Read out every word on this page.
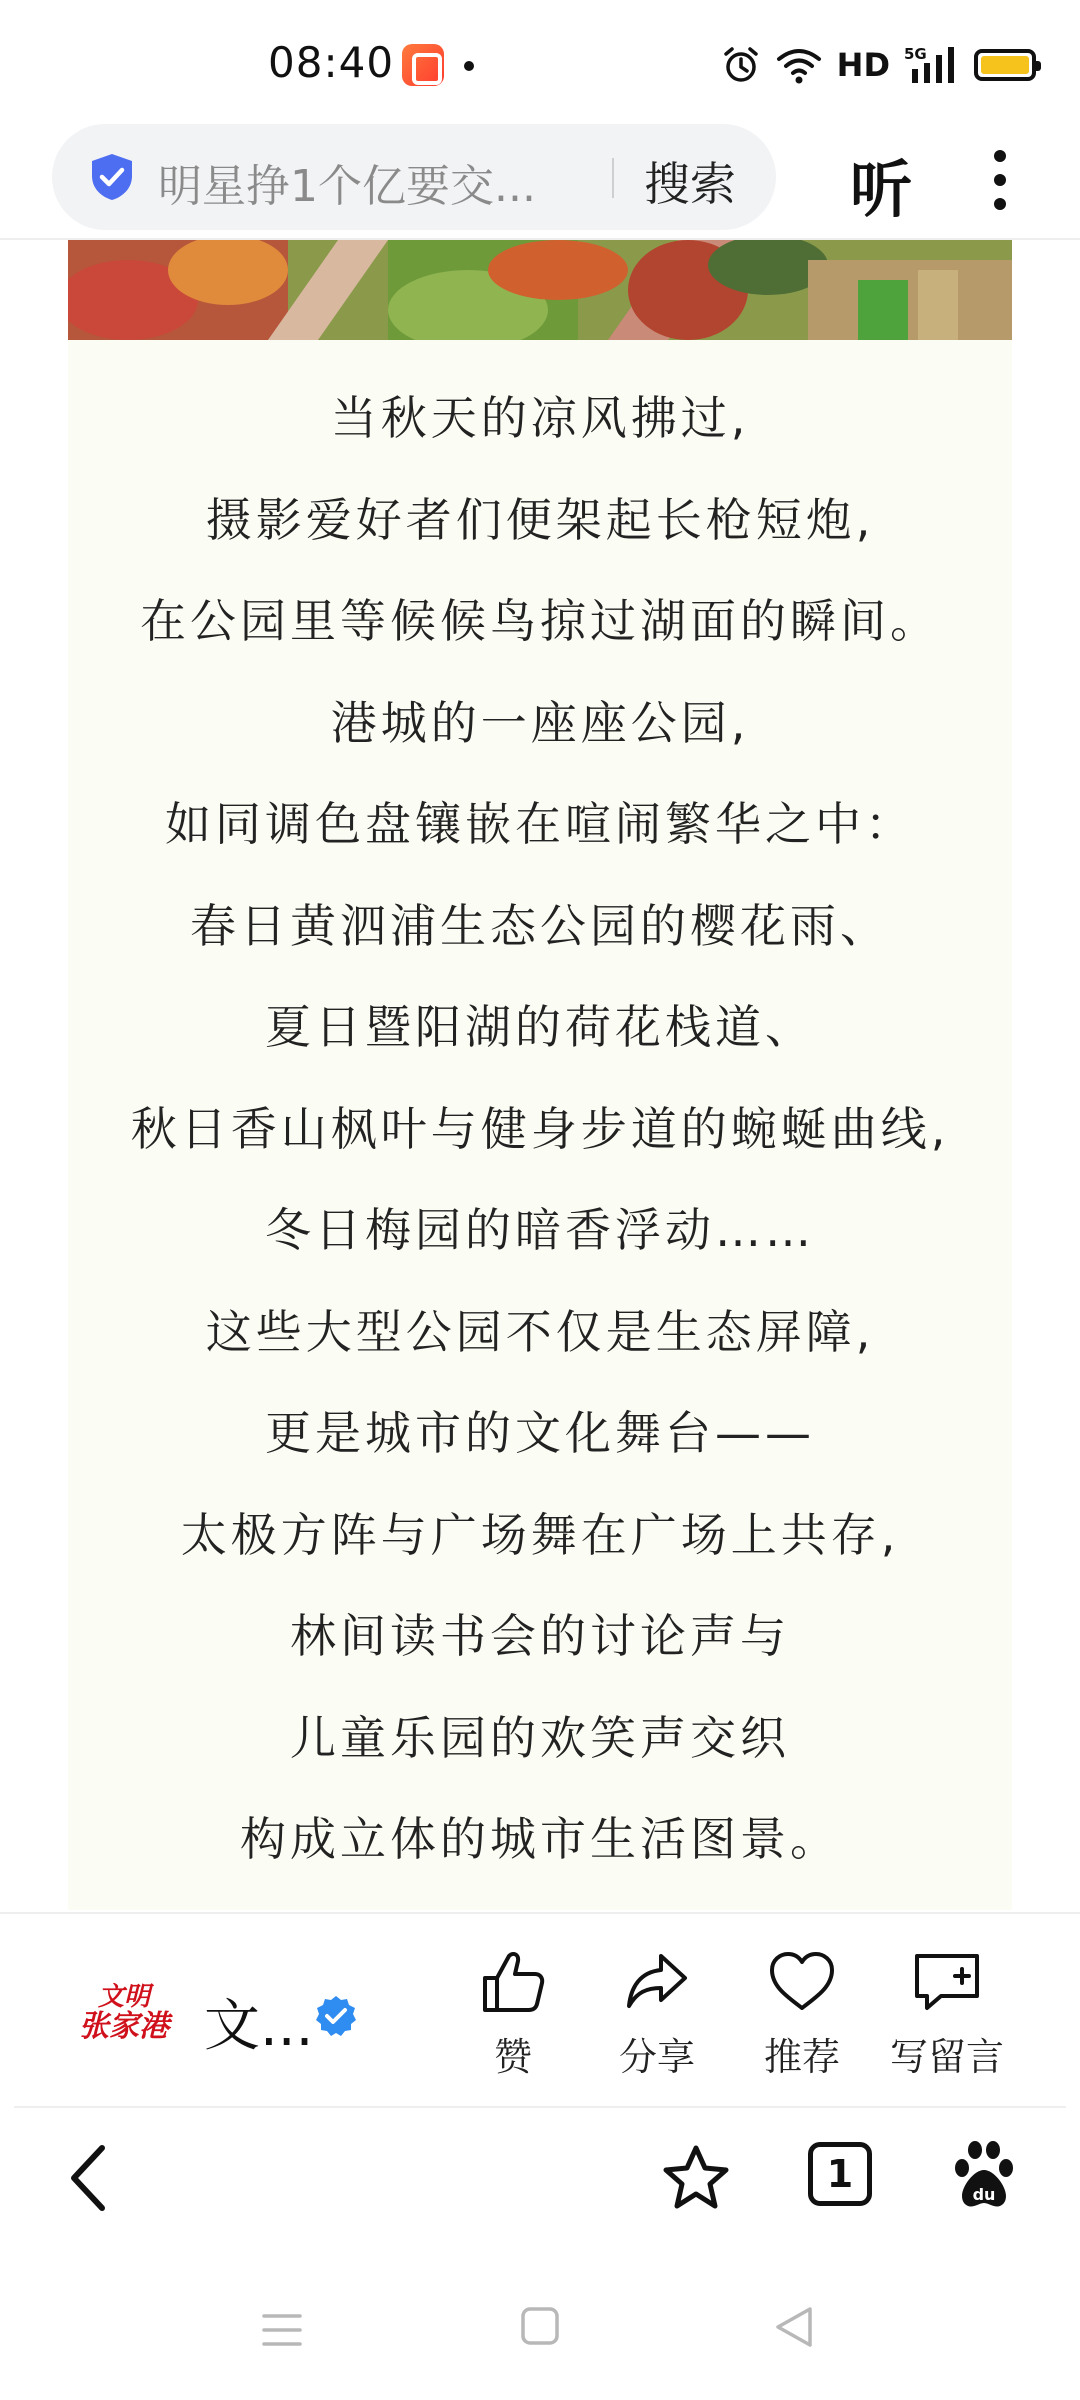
08:40	HD 5G
明星挣1个亿要交...	搜索 听
当秋天的凉风拂过,
摄影爱好者们便架起长枪短炮,
在公园里等候候鸟掠过湖面的瞬间。
港城的一座座公园,
如同调色盘镶嵌在喧闹繁华之中：
春日黄泗浦生态公园的樱花雨、
夏日暨阳湖的荷花栈道、
秋日香山枫叶与健身步道的蜿蜒曲线,
冬日梅园的暗香浮动……
这些大型公园不仅是生态屏障,
更是城市的文化舞台——
太极方阵与广场舞在广场上共存,
林间读书会的讨论声与
儿童乐园的欢笑声交织
构成立体的城市生活图景。
文明
张家港 文...	赞	分享	推荐	写留言
1	du
